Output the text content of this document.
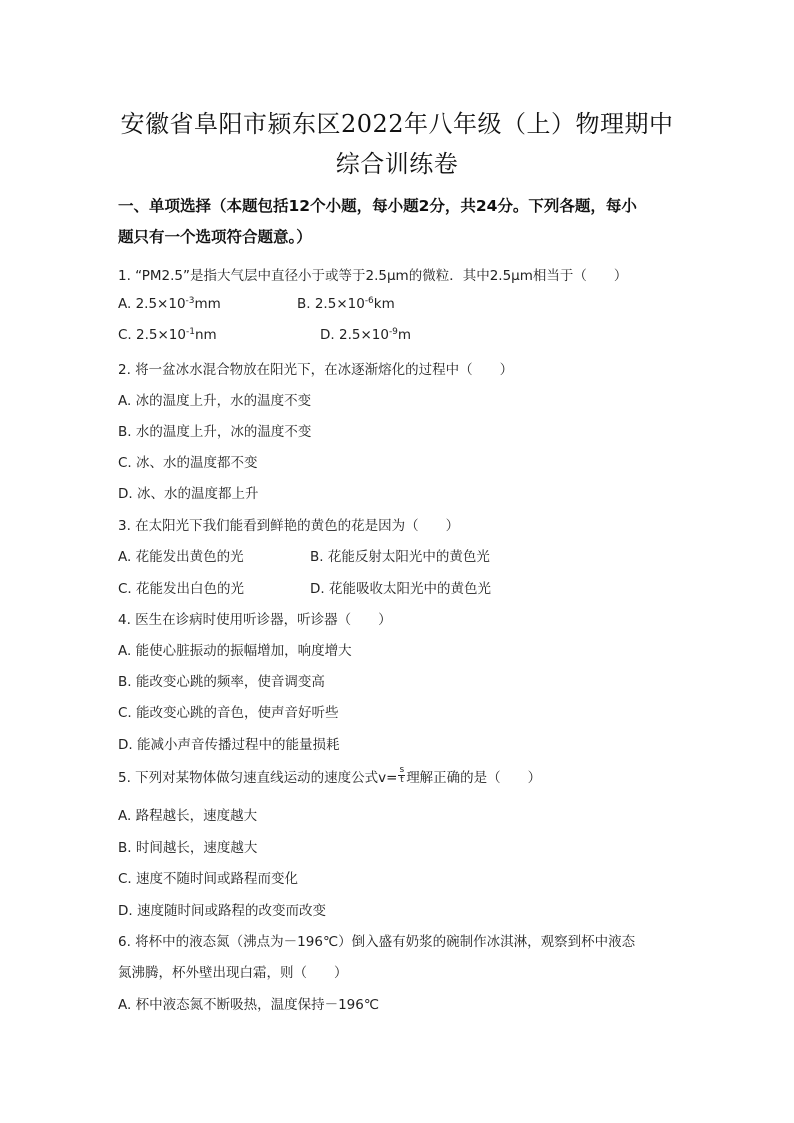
安徽省阜阳市颍东区2022年八年级（上）物理期中
综合训练卷
一、单项选择（本题包括12个小题，每小题2分，共24分。下列各题，每小
题只有一个选项符合题意。）
1. “PM2.5”是指大气层中直径小于或等于2.5μm的微粒．其中2.5μm相当于（　　）
A. $2.5\times 10^{-3}mm$	B. $2.5\times 10^{-6}km$
C. $2.5\times 10^{-1}nm$	D. $2.5\times 10^{-9}m$
2. 将一盆冰水混合物放在阳光下，在冰逐渐熔化的过程中（　　）
A. 冰的温度上升，水的温度不变
B. 水的温度上升，冰的温度不变
C. 冰、水的温度都不变
D. 冰、水的温度都上升
3. 在太阳光下我们能看到鲜艳的黄色的花是因为（　　）
A. 花能发出黄色的光	B. 花能反射太阳光中的黄色光
C. 花能发出白色的光	D. 花能吸收太阳光中的黄色光
4. 医生在诊病时使用听诊器，听诊器（　　）
A. 能使心脏振动的振幅增加，响度增大
B. 能改变心跳的频率，使音调变高
C. 能改变心跳的音色，使声音好听些
D. 能减小声音传播过程中的能量损耗
5. 下列对某物体做匀速直线运动的速度公式$v= \frac{s}{t}$ 理解正确的是（　　）
A. 路程越长，速度越大
B. 时间越长，速度越大
C. 速度不随时间或路程而变化
D. 速度随时间或路程的改变而改变
6. 将杯中的液态氮（沸点为－196℃）倒入盛有奶浆的碗制作冰淇淋，观察到杯中液态
氮沸腾，杯外壁出现白霜，则（　　）
A. 杯中液态氮不断吸热，温度保持－196℃
